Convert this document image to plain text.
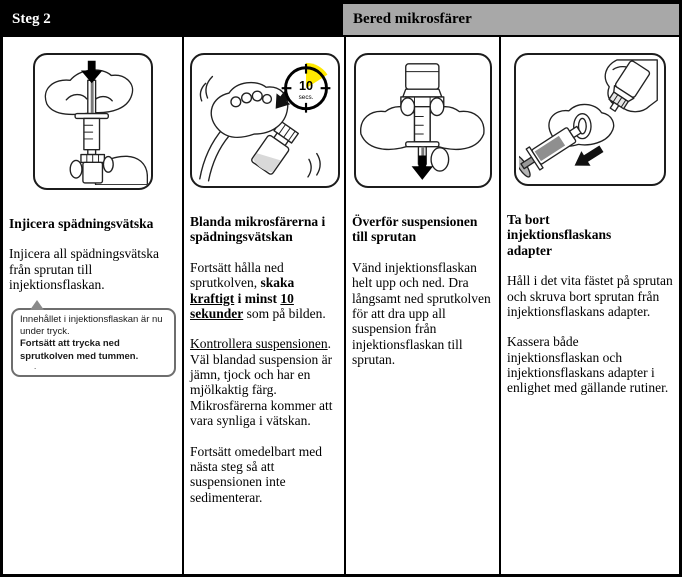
Steg 2	Bered mikrosfärer

Injicera spädningsvätska

Injicera all spädningsvätska från sprutan till injektionsflaskan.

Innehållet i injektionsflaskan är nu under tryck.
Fortsätt att trycka ned sprutkolven med tummen.
.
10
secs.

Blanda mikrosfärerna i spädningsvätskan

Fortsätt hålla ned sprutkolven, skaka kraftigt i minst 10 sekunder som på bilden.

Kontrollera suspensionen.

Väl blandad suspension är jämn, tjock och har en mjölkaktig färg. Mikrosfärerna kommer att vara synliga i vätskan.

Fortsätt omedelbart med nästa steg så att suspensionen inte sedimenterar.

Överför suspensionen till sprutan

Vänd injektionsflaskan helt upp och ned. Dra långsamt ned sprutkolven för att dra upp all suspension från injektionsflaskan till sprutan.

Ta bort injektionsflaskans adapter

Håll i det vita fästet på sprutan och skruva bort sprutan från injektionsflaskans adapter.

Kassera både injektionsflaskan och injektionsflaskans adapter i enlighet med gällande rutiner.
